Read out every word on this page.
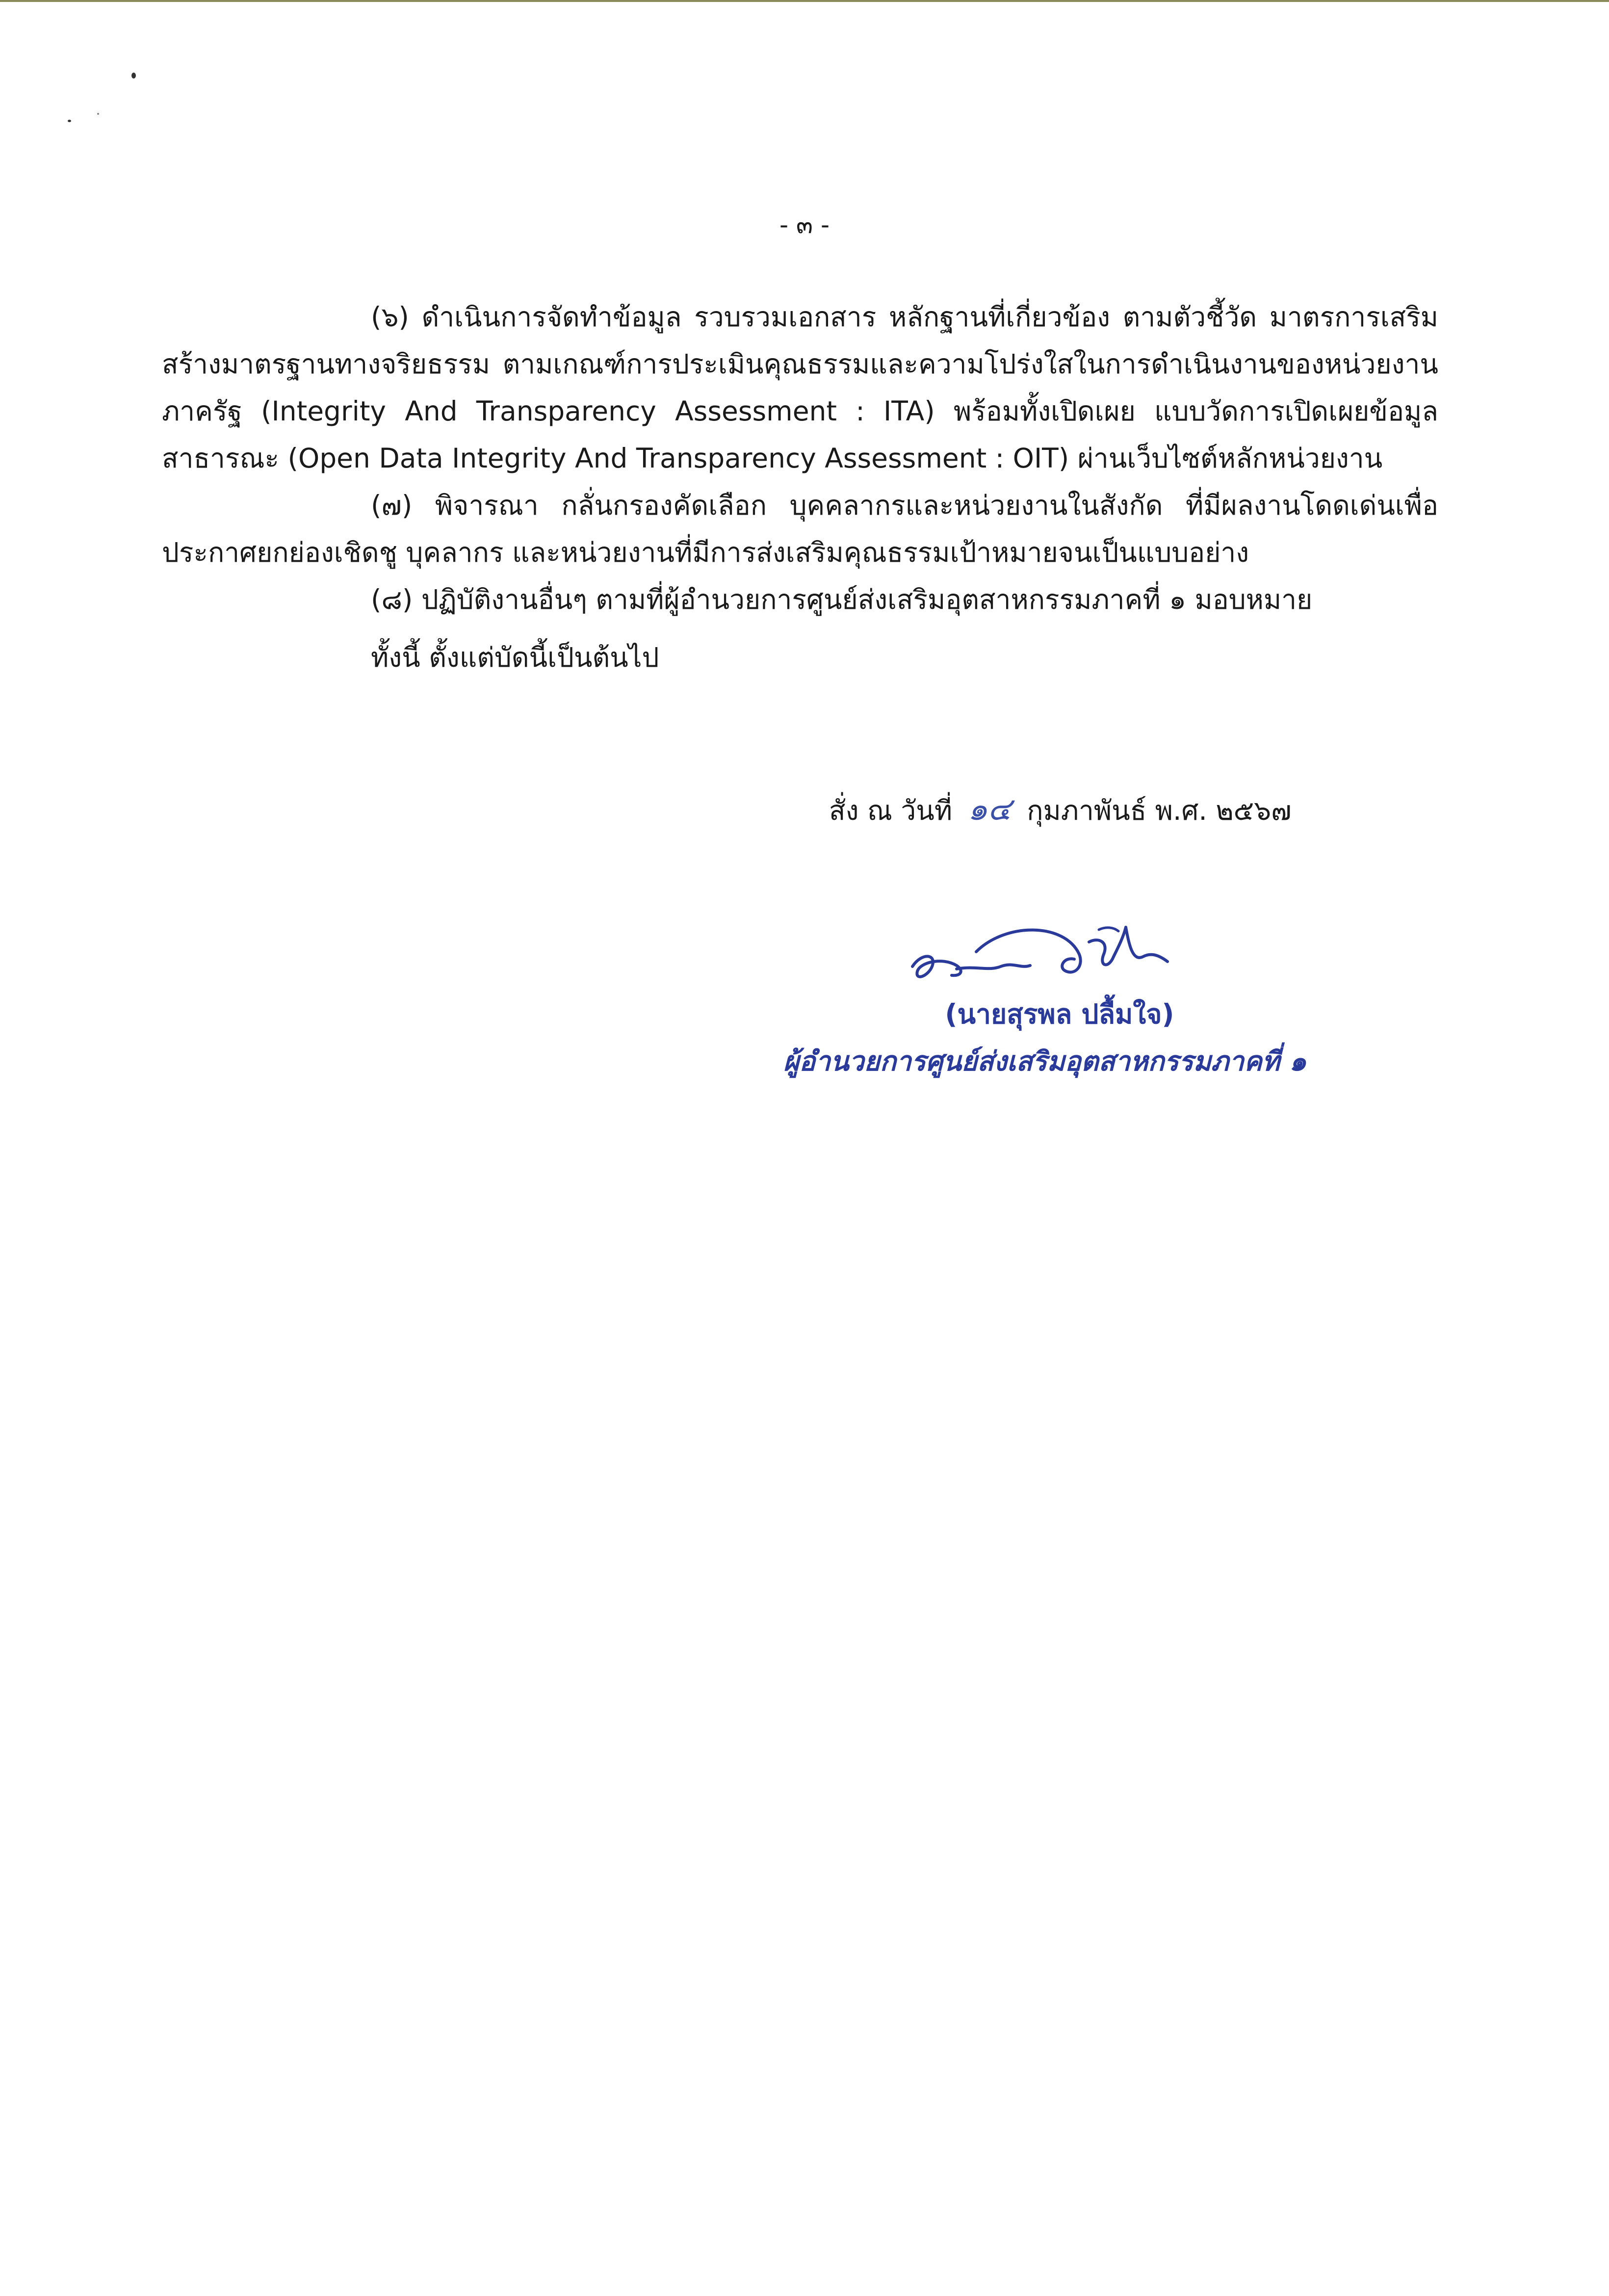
- ๓ -

(๖) ดำเนินการจัดทำข้อมูล รวบรวมเอกสาร หลักฐานที่เกี่ยวข้อง ตามตัวชี้วัด มาตรการเสริมสร้างมาตรฐานทางจริยธรรม ตามเกณฑ์การประเมินคุณธรรมและความโปร่งใสในการดำเนินงานของหน่วยงานภาครัฐ (Integrity And Transparency Assessment : ITA) พร้อมทั้งเปิดเผย แบบวัดการเปิดเผยข้อมูลสาธารณะ (Open Data Integrity And Transparency Assessment : OIT) ผ่านเว็บไซต์หลักหน่วยงาน

(๗) พิจารณา กลั่นกรองคัดเลือก บุคคลากรและหน่วยงานในสังกัด ที่มีผลงานโดดเด่นเพื่อประกาศยกย่องเชิดชู บุคลากร และหน่วยงานที่มีการส่งเสริมคุณธรรมเป้าหมายจนเป็นแบบอย่าง

(๘) ปฏิบัติงานอื่นๆ ตามที่ผู้อำนวยการศูนย์ส่งเสริมอุตสาหกรรมภาคที่ ๑ มอบหมาย

ทั้งนี้ ตั้งแต่บัดนี้เป็นต้นไป

สั่ง ณ วันที่ ๑๔ กุมภาพันธ์ พ.ศ. ๒๕๖๗
(นายสุรพล ปลื้มใจ)
ผู้อำนวยการศูนย์ส่งเสริมอุตสาหกรรมภาคที่ ๑
